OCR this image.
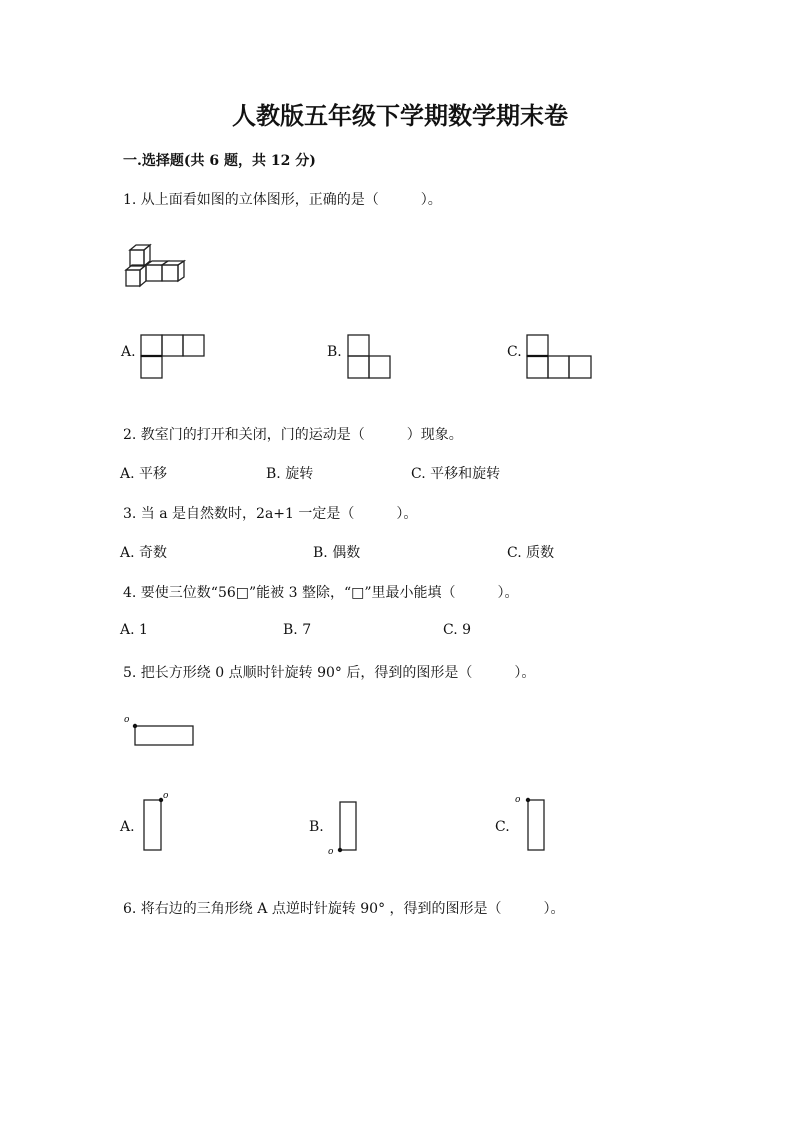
人教版五年级下学期数学期末卷
一.选择题(共 6 题，共 12 分)
1. 从上面看如图的立体图形，正确的是（　　　）。
A.	B.	C.
2. 教室门的打开和关闭，门的运动是（　　　）现象。
A. 平移	B. 旋转	C. 平移和旋转
3. 当 a 是自然数时，2a+1 一定是（　　　）。
A. 奇数	B. 偶数	C. 质数
4. 要使三位数“56□”能被 3 整除，“□”里最小能填（　　　）。
A. 1	B. 7	C. 9
5. 把长方形绕 0 点顺时针旋转 90° 后，得到的图形是（　　　）。
o
A.
o
B.
o
C.
o
6. 将右边的三角形绕 A 点逆时针旋转 90° ，得到的图形是（　　　）。
